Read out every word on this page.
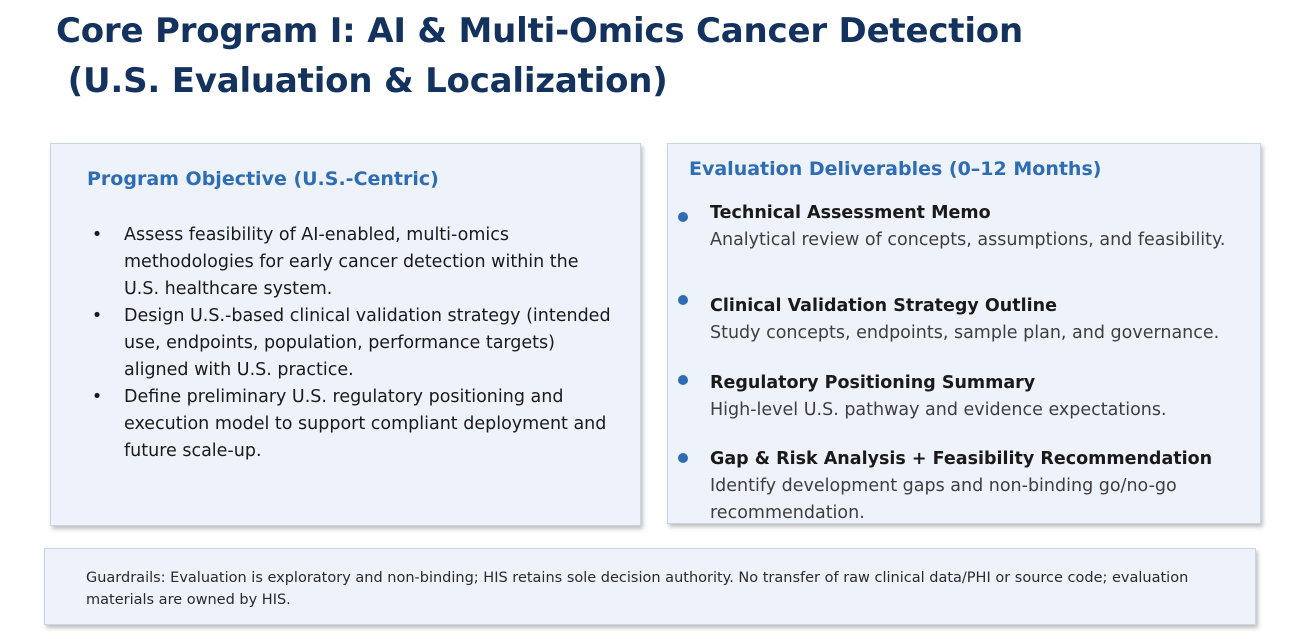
Core Program I: AI & Multi-Omics Cancer Detection
(U.S. Evaluation & Localization)
Program Objective (U.S.-Centric)
• Assess feasibility of AI-enabled, multi-omics methodologies for early cancer detection within the U.S. healthcare system.
• Design U.S.-based clinical validation strategy (intended use, endpoints, population, performance targets) aligned with U.S. practice.
• Define preliminary U.S. regulatory positioning and execution model to support compliant deployment and future scale-up.
Evaluation Deliverables (0–12 Months)
Technical Assessment Memo
Analytical review of concepts, assumptions, and feasibility.
Clinical Validation Strategy Outline
Study concepts, endpoints, sample plan, and governance.
Regulatory Positioning Summary
High-level U.S. pathway and evidence expectations.
Gap & Risk Analysis + Feasibility Recommendation
Identify development gaps and non-binding go/no-go recommendation.

Guardrails: Evaluation is exploratory and non-binding; HIS retains sole decision authority. No transfer of raw clinical data/PHI or source code; evaluation materials are owned by HIS.
